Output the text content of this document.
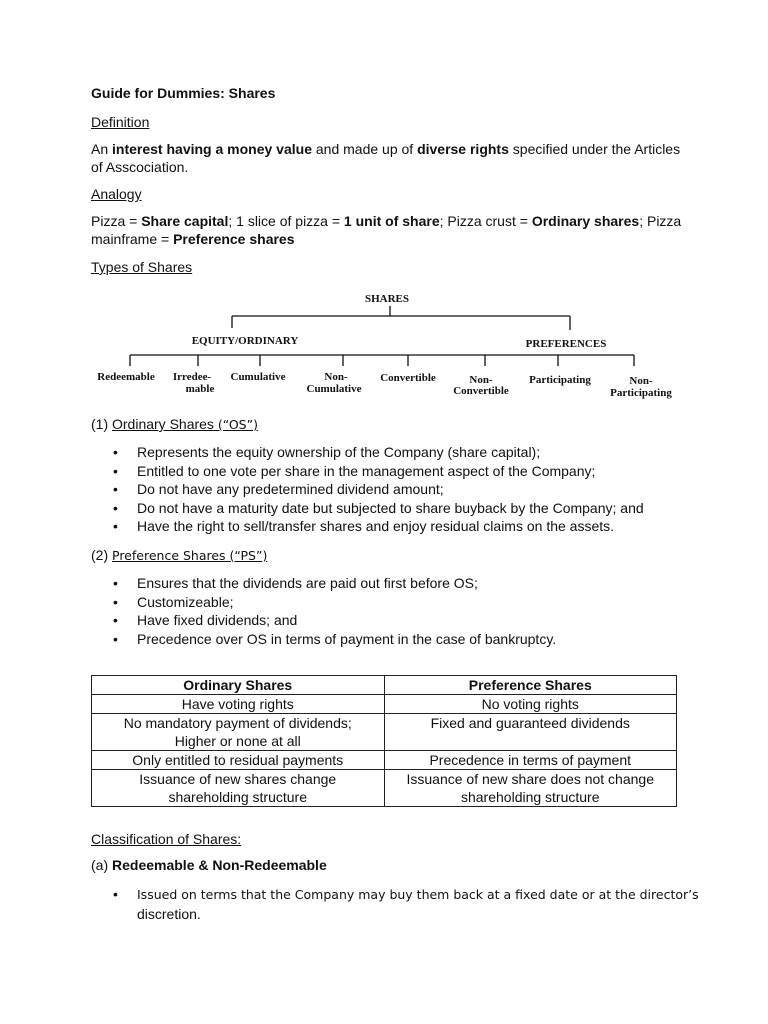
Guide for Dummies: Shares
Definition
An interest having a money value and made up of diverse rights specified under the Articles
of Asscociation.
Analogy
Pizza = Share capital; 1 slice of pizza = 1 unit of share; Pizza crust = Ordinary shares; Pizza
mainframe = Preference shares
Types of Shares
SHARES
EQUITY/ORDINARY	PREFERENCES
Redeemable Irredee-
mable
Cumulative	Non-
Cumulative
Convertible	Non-
Convertible
Participating	Non-
Participating
(1) Ordinary Shares (“OS”)
• Represents the equity ownership of the Company (share capital);
• Entitled to one vote per share in the management aspect of the Company;
• Do not have any predetermined dividend amount;
• Do not have a maturity date but subjected to share buyback by the Company; and
• Have the right to sell/transfer shares and enjoy residual claims on the assets.
(2) Preference Shares (“PS”)
• Ensures that the dividends are paid out first before OS;
• Customizeable;
• Have fixed dividends; and
• Precedence over OS in terms of payment in the case of bankruptcy.
Ordinary Shares	Preference Shares
Have voting rights	No voting rights
No mandatory payment of dividends;
Higher or none at all	Fixed and guaranteed dividends
Only entitled to residual payments	Precedence in terms of payment
Issuance of new shares change
shareholding structure	Issuance of new share does not change
shareholding structure
Classification of Shares:
(a) Redeemable & Non-Redeemable
• Issued on terms that the Company may buy them back at a fixed date or at the director’s
discretion.
